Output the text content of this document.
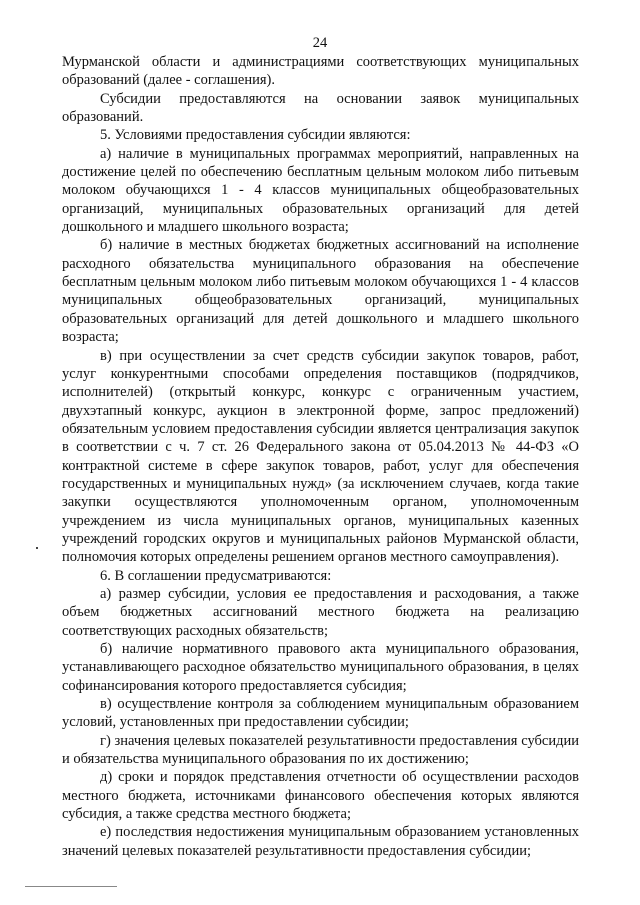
24

Мурманской области и администрациями соответствующих муниципальных образований (далее - соглашения).

Субсидии предоставляются на основании заявок муниципальных образований.

5. Условиями предоставления субсидии являются:

а) наличие в муниципальных программах мероприятий, направленных на достижение целей по обеспечению бесплатным цельным молоком либо питьевым молоком обучающихся 1 - 4 классов муниципальных общеобразовательных организаций, муниципальных образовательных организаций для детей дошкольного и младшего школьного возраста;

б) наличие в местных бюджетах бюджетных ассигнований на исполнение расходного обязательства муниципального образования на обеспечение бесплатным цельным молоком либо питьевым молоком обучающихся 1 - 4 классов муниципальных общеобразовательных организаций, муниципальных образовательных организаций для детей дошкольного и младшего школьного возраста;

в) при осуществлении за счет средств субсидии закупок товаров, работ, услуг конкурентными способами определения поставщиков (подрядчиков, исполнителей) (открытый конкурс, конкурс с ограниченным участием, двухэтапный конкурс, аукцион в электронной форме, запрос предложений) обязательным условием предоставления субсидии является централизация закупок в соответствии с ч. 7 ст. 26 Федерального закона от 05.04.2013 № 44-ФЗ «О контрактной системе в сфере закупок товаров, работ, услуг для обеспечения государственных и муниципальных нужд» (за исключением случаев, когда такие закупки осуществляются уполномоченным органом, уполномоченным учреждением из числа муниципальных органов, муниципальных казенных учреждений городских округов и муниципальных районов Мурманской области, полномочия которых определены решением органов местного самоуправления).

6. В соглашении предусматриваются:

а) размер субсидии, условия ее предоставления и расходования, а также объем бюджетных ассигнований местного бюджета на реализацию соответствующих расходных обязательств;

б) наличие нормативного правового акта муниципального образования, устанавливающего расходное обязательство муниципального образования, в целях софинансирования которого предоставляется субсидия;

в) осуществление контроля за соблюдением муниципальным образованием условий, установленных при предоставлении субсидии;

г) значения целевых показателей результативности предоставления субсидии и обязательства муниципального образования по их достижению;

д) сроки и порядок представления отчетности об осуществлении расходов местного бюджета, источниками финансового обеспечения которых являются субсидия, а также средства местного бюджета;

е) последствия недостижения муниципальным образованием установленных значений целевых показателей результативности предоставления субсидии;
